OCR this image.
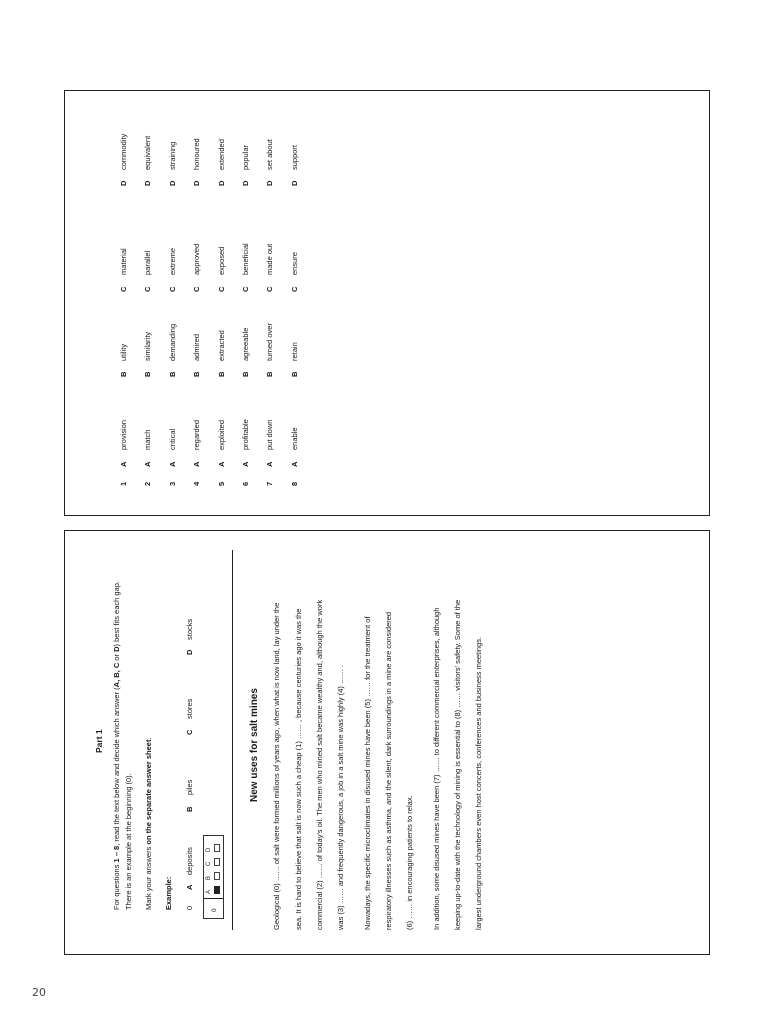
20
Part 1
For questions 1 – 8, read the text below and decide which answer (A, B, C or D) best fits each gap.
There is an example at the beginning (0). Mark your answers on the separate answer sheet.
Example: 0
A
deposits
B
piles
C
stores
D
stocks
0
A
B
C
D
New uses for salt mines Geological (0) …… of salt were formed millions of years ago, when what is now land, lay under the sea. It is hard to believe that salt is now such a cheap (1) …… , because centuries ago it was the commercial (2) …… of today's oil. The men who mined salt became wealthy and, although the work was (3) …… and frequently dangerous, a job in a salt mine was highly (4) …… . Nowadays, the specific microclimates in disused mines have been (5) …… for the treatment of respiratory illnesses such as asthma, and the silent, dark surroundings in a mine are considered (6) …… in encouraging patients to relax. In addition, some disused mines have been (7) …… to different commercial enterprises, although keeping up-to-date with the technology of mining is essential to (8) …… visitors' safety. Some of the largest underground chambers even host concerts, conferences and business meetings.
1
A
provision
B
utility
C
material
D
commodity
2
A
match
B
similarity
C
parallel
D
equivalent
3
A
critical
B
demanding
C
extreme
D
straining
4
A
regarded
B
admired
C
approved
D
honoured
5
A
exploited
B
extracted
C
exposed
D
extended
6
A
profitable
B
agreeable
C
beneficial
D
popular
7
A
put down
B
turned over
C
made out
D
set about
8
A
enable
B
retain
C
ensure
D
support
